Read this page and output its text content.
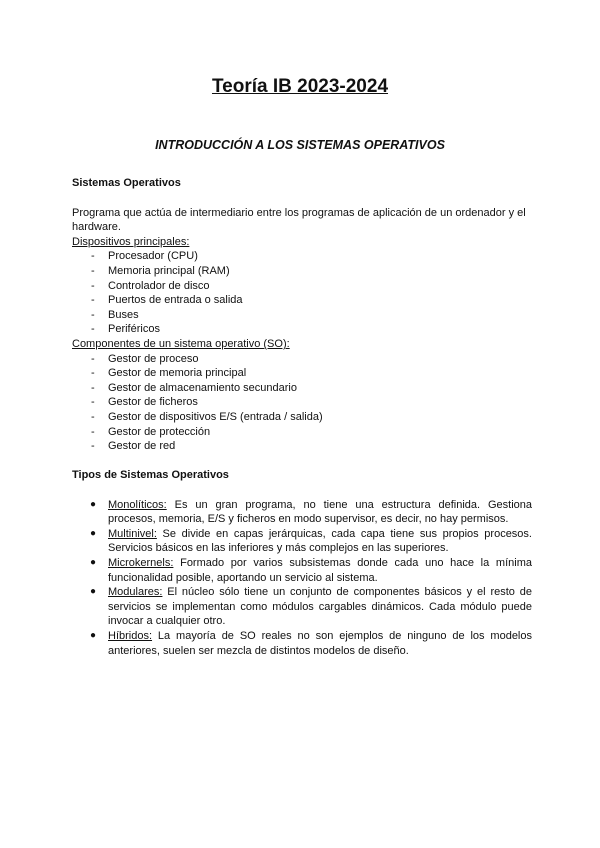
Teoría IB 2023-2024
INTRODUCCIÓN A LOS SISTEMAS OPERATIVOS
Sistemas Operativos

Programa que actúa de intermediario entre los programas de aplicación de un ordenador y el hardware.

Dispositivos principales:
- Procesador (CPU)
- Memoria principal (RAM)
- Controlador de disco
- Puertos de entrada o salida
- Buses
- Periféricos
Componentes de un sistema operativo (SO):
- Gestor de proceso
- Gestor de memoria principal
- Gestor de almacenamiento secundario
- Gestor de ficheros
- Gestor de dispositivos E/S (entrada / salida)
- Gestor de protección
- Gestor de red
Tipos de Sistemas Operativos
● Monolíticos: Es un gran programa, no tiene una estructura definida. Gestiona procesos, memoria, E/S y ficheros en modo supervisor, es decir, no hay permisos.
● Multinivel: Se divide en capas jerárquicas, cada capa tiene sus propios procesos. Servicios básicos en las inferiores y más complejos en las superiores.
● Microkernels: Formado por varios subsistemas donde cada uno hace la mínima funcionalidad posible, aportando un servicio al sistema.
● Modulares: El núcleo sólo tiene un conjunto de componentes básicos y el resto de servicios se implementan como módulos cargables dinámicos. Cada módulo puede invocar a cualquier otro.
● Híbridos: La mayoría de SO reales no son ejemplos de ninguno de los modelos anteriores, suelen ser mezcla de distintos modelos de diseño.
